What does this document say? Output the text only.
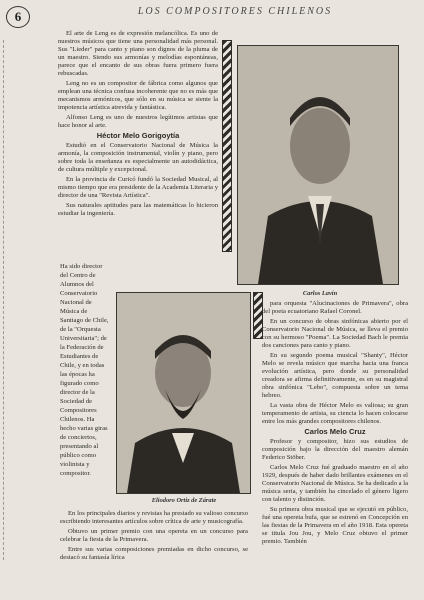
6	LOS COMPOSITORES CHILENOS

El arte de Leng es de expresión melancólica. Es uno de nuestros músicos que tiene una personalidad más personal. Sus "Lieder" para canto y piano son dignos de la pluma de un maestro. Siendo sus armonías y melodías espontáneas, parece que el encanto de sus obras fuera primero fuera rebuscadas.

Leng no es un compositor de fábrica como algunos que emplean una técnica confusa incoherente que no es más que mecanismos armónicos, que sólo en su música se siente la impotencia artística atrevida y fantástica.

Alfonso Leng es uno de nuestros legítimos artistas que hace honor al arte.

Héctor Melo Gorigoytía

Estudió en el Conservatorio Nacional de Música la armonía, la composición instrumental, violín y piano, pero sobre toda la enseñanza es especialmente un autodidáctica, de cultura múltiple y excepcional.

En la provincia de Curicó fundó la Sociedad Musical, al mismo tiempo que era presidente de la Academia Literaria y director de una "Revista Artística".

Sus naturales aptitudes para las matemáticas lo hicieron estudiar la ingeniería.

Carlos Lavín
Ha sido director del Centro de Alumnos del Conservatorio Nacional de Música de Santiago de Chile, de la "Orquesta Universitaria"; de la Federación de Estudiantes de Chile, y en todas las épocas ha figurado como director de la Sociedad de Compositores Chilenos. Ha hecho varias giras de conciertos, presentando al público como violinista y compositor.
Eliodoro Ortiz de Zárate

En los principales diarios y revistas ha prestado su valioso concurso escribiendo interesantes artículos sobre crítica de arte y musicografía.

Obtuvo un primer premio con una opereta en un concurso para celebrar la fiesta de la Primavera.

Entre sus varias composiciones premiadas en dicho concurso, se destacó su fantasía lírica

para orquesta "Alucinaciones de Primavera", obra del poeta ecuatoriano Rafael Coronel.

En un concurso de obras sinfónicas abierto por el Conservatorio Nacional de Música, se lleva el premio con su hermoso "Poema". La Sociedad Bach le premia dos canciones para canto y piano.

En su segundo poema musical "Shanty", Héctor Melo se revela músico que marcha hacia una franca evolución artística, pero donde su personalidad creadora se afirma definitivamente, es en su magistral obra sinfónica "Lebo", compuesta sobre un tema hebreo.

La vasta obra de Héctor Melo es valiosa; su gran temperamento de artista, su ciencia lo hacen colocarse entre los más grandes compositores chilenos.

Carlos Melo Cruz

Profesor y compositor, hizo sus estudios de composición bajo la dirección del maestro alemán Federico Stöber.

Carlos Melo Cruz fué graduado maestro en el año 1929, después de haber dado brillantes exámenes en el Conservatorio Nacional de Música. Se ha dedicado a la música seria, y también ha cincelado el género ligero con talento y distinción.

Su primera obra musical que se ejecutó en público, fué una opereta bufa, que se estrenó en Concepción en las fiestas de la Primavera en el año 1918. Esta opereta se titula Jou Jou, y Melo Cruz obtuvo el primer premio. También
